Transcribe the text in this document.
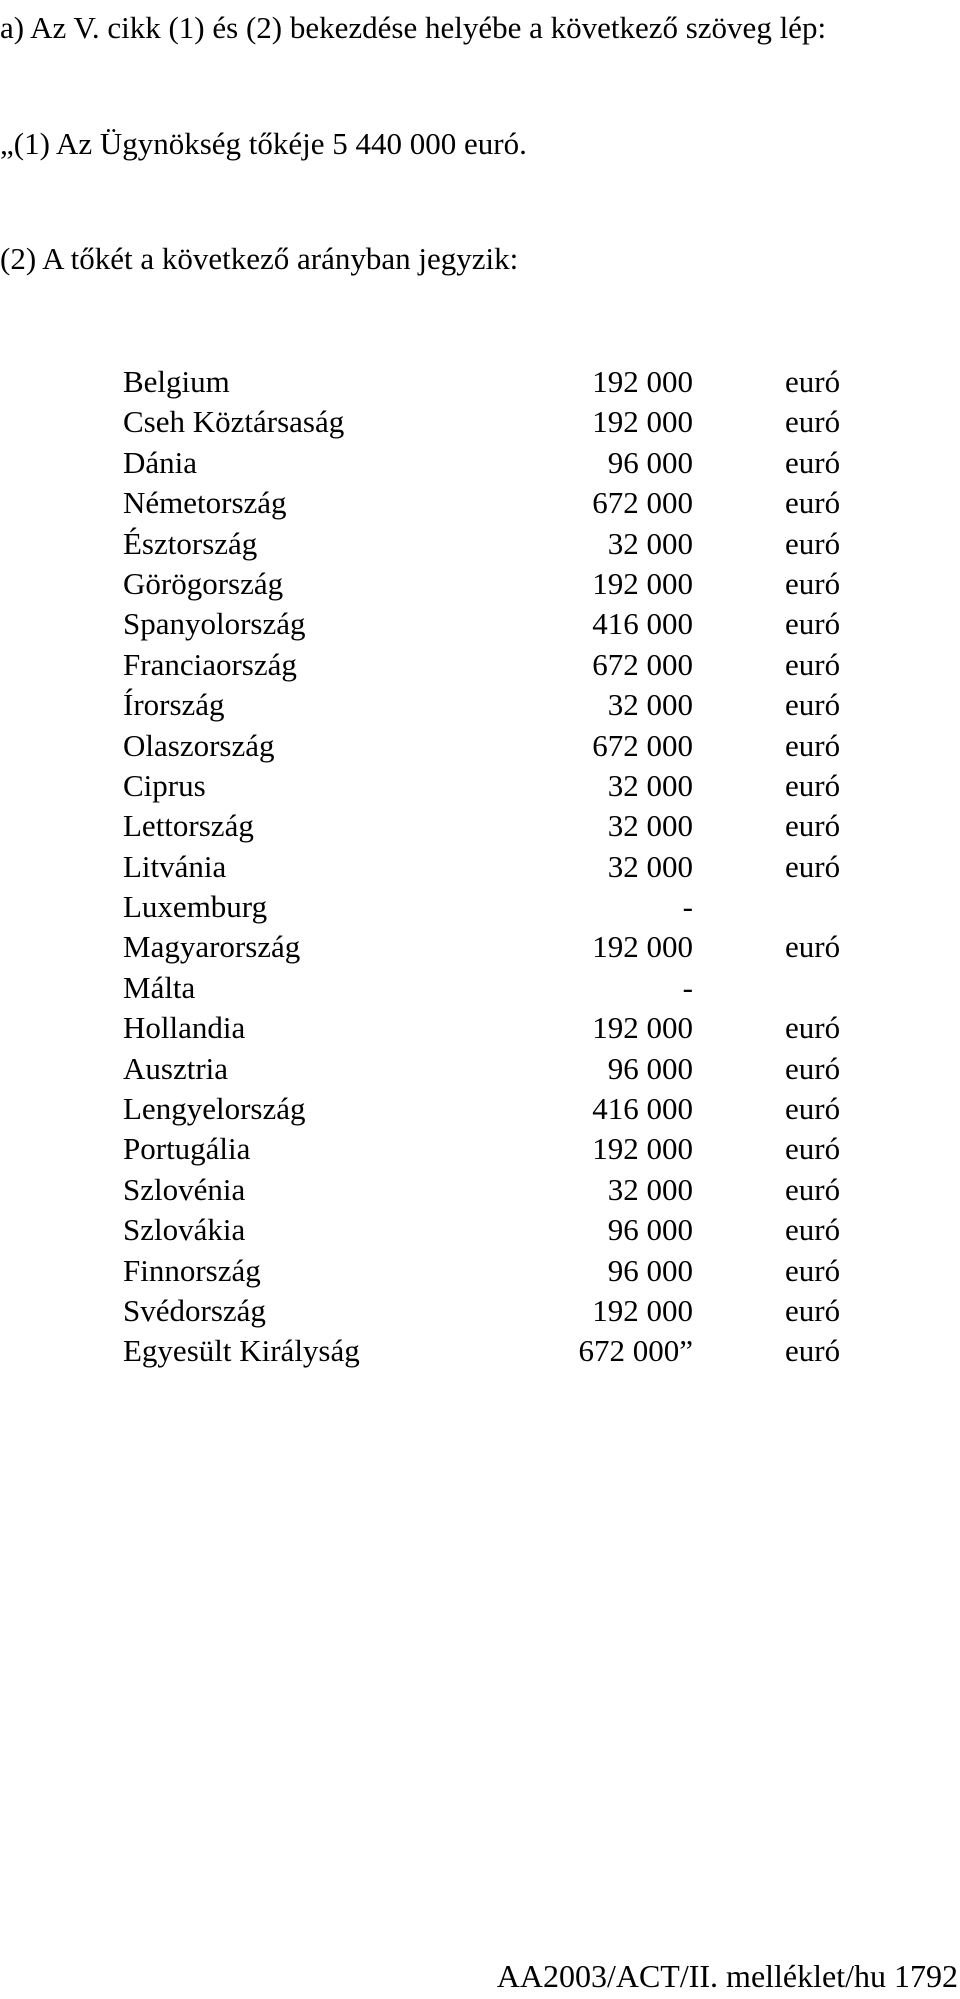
a) Az V. cikk (1) és (2) bekezdése helyébe a következő szöveg lép:
„(1) Az Ügynökség tőkéje 5 440 000 euró.
(2) A tőkét a következő arányban jegyzik:
Belgium	192 000	euró
Cseh Köztársaság	192 000	euró
Dánia	96 000	euró
Németország	672 000	euró
Észtország	32 000	euró
Görögország	192 000	euró
Spanyolország	416 000	euró
Franciaország	672 000	euró
Írország	32 000	euró
Olaszország	672 000	euró
Ciprus	32 000	euró
Lettország	32 000	euró
Litvánia	32 000	euró
Luxemburg	-
Magyarország	192 000	euró
Málta	-
Hollandia	192 000	euró
Ausztria	96 000	euró
Lengyelország	416 000	euró
Portugália	192 000	euró
Szlovénia	32 000	euró
Szlovákia	96 000	euró
Finnország	96 000	euró
Svédország	192 000	euró
Egyesült Királyság	672 000”	euró
AA2003/ACT/II. melléklet/hu 1792
